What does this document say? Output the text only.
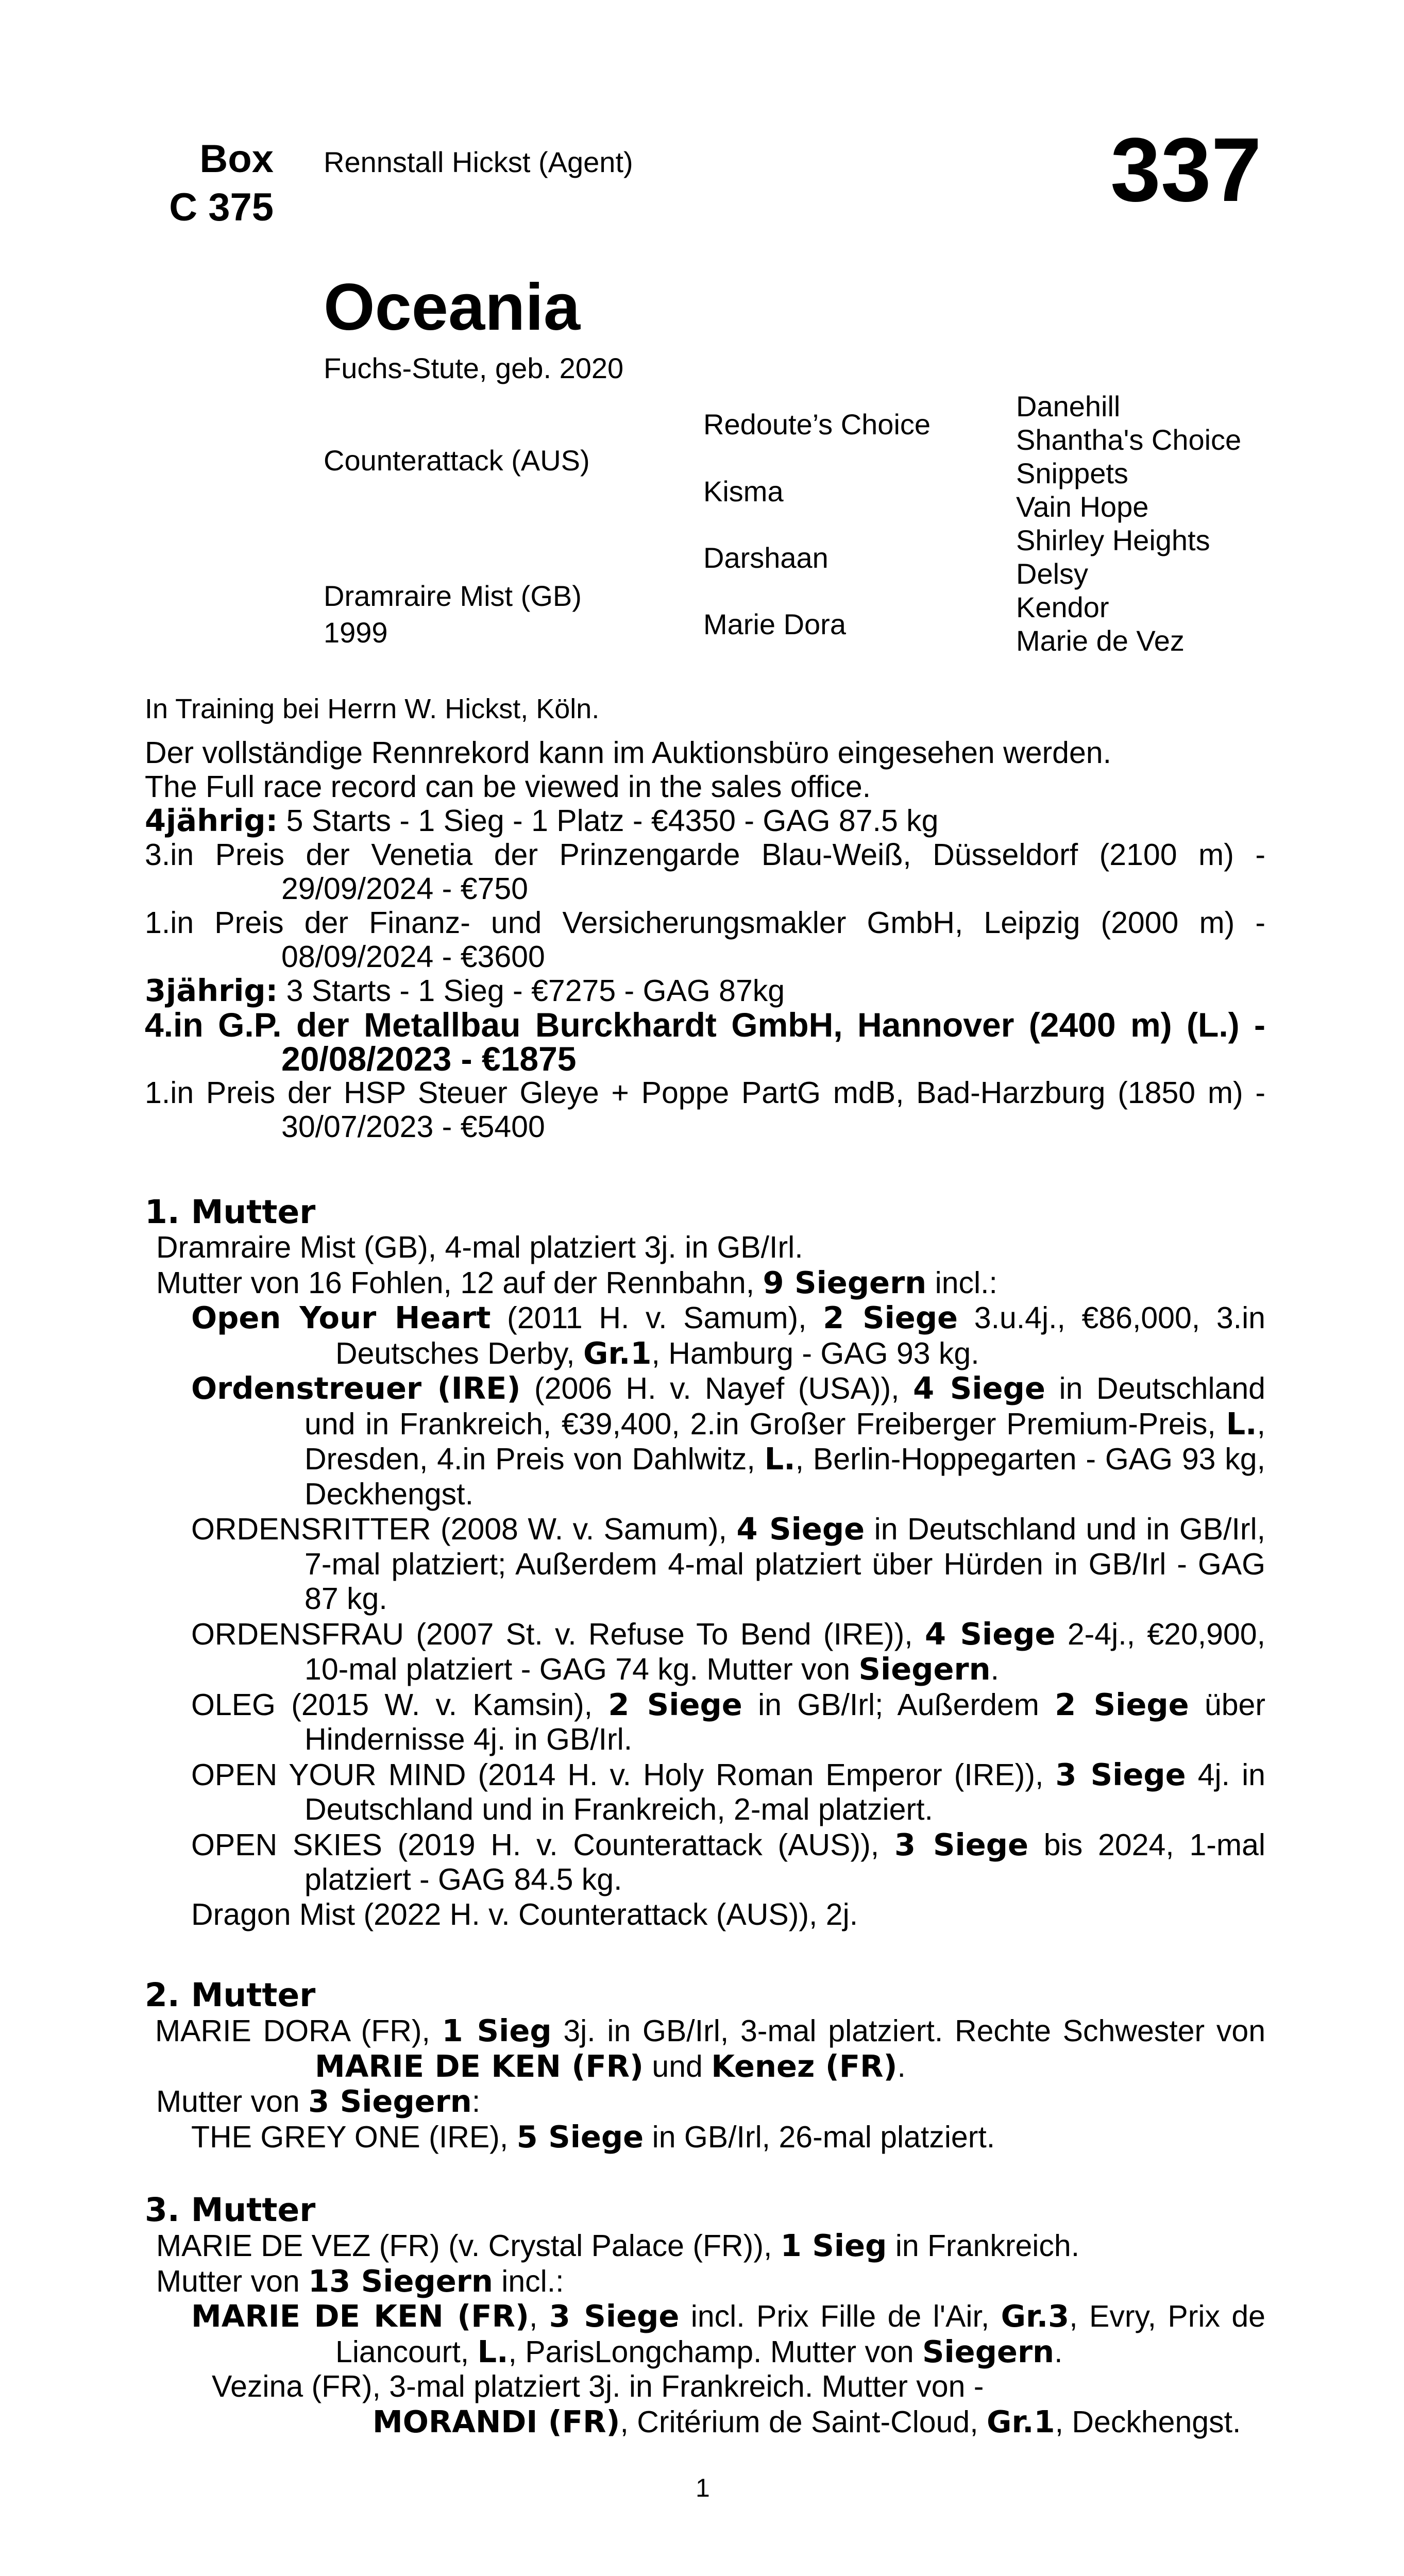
Box
C 375
Rennstall Hickst (Agent)	337
Oceania
Fuchs-Stute, geb. 2020
Counterattack (AUS)
Dramraire Mist (GB)
1999
Redoute’s Choice
Kisma
Darshaan
Marie Dora
Danehill
Shantha's Choice
Snippets
Vain Hope
Shirley Heights
Delsy
Kendor
Marie de Vez
In Training bei Herrn W. Hickst, Köln.

Der vollständige Rennrekord kann im Auktionsbüro eingesehen werden.

The Full race record can be viewed in the sales office.

4jährig: 5 Starts - 1 Sieg - 1 Platz - €4350 - GAG 87.5 kg

3.in Preis der Venetia der Prinzengarde Blau-Weiß, Düsseldorf (2100 m) - 29/09/2024 - €750

1.in Preis der Finanz- und Versicherungsmakler GmbH, Leipzig (2000 m) - 08/09/2024 - €3600

3jährig: 3 Starts - 1 Sieg - €7275 - GAG 87kg

4.in G.P. der Metallbau Burckhardt GmbH, Hannover (2400 m) (L.) - 20/08/2023 - €1875

1.in Preis der HSP Steuer Gleye + Poppe PartG mdB, Bad-Harzburg (1850 m) - 30/07/2023 - €5400

1. Mutter

Dramraire Mist (GB), 4-mal platziert 3j. in GB/Irl.

Mutter von 16 Fohlen, 12 auf der Rennbahn, 9 Siegern incl.:

Open Your Heart (2011 H. v. Samum), 2 Siege 3.u.4j., €86,000, 3.in Deutsches Derby, Gr.1, Hamburg - GAG 93 kg.

Ordenstreuer (IRE) (2006 H. v. Nayef (USA)), 4 Siege in Deutschland und in Frankreich, €39,400, 2.in Großer Freiberger Premium-Preis, L., Dresden, 4.in Preis von Dahlwitz, L., Berlin-Hoppegarten - GAG 93 kg, Deckhengst.

ORDENSRITTER (2008 W. v. Samum), 4 Siege in Deutschland und in GB/Irl, 7-mal platziert; Außerdem 4-mal platziert über Hürden in GB/Irl - GAG 87 kg.

ORDENSFRAU (2007 St. v. Refuse To Bend (IRE)), 4 Siege 2-4j., €20,900, 10-mal platziert - GAG 74 kg. Mutter von Siegern.

OLEG (2015 W. v. Kamsin), 2 Siege in GB/Irl; Außerdem 2 Siege über Hindernisse 4j. in GB/Irl.

OPEN YOUR MIND (2014 H. v. Holy Roman Emperor (IRE)), 3 Siege 4j. in Deutschland und in Frankreich, 2-mal platziert.

OPEN SKIES (2019 H. v. Counterattack (AUS)), 3 Siege bis 2024, 1-mal platziert - GAG 84.5 kg.

Dragon Mist (2022 H. v. Counterattack (AUS)), 2j.

2. Mutter

MARIE DORA (FR), 1 Sieg 3j. in GB/Irl, 3-mal platziert. Rechte Schwester von MARIE DE KEN (FR) und Kenez (FR).

Mutter von 3 Siegern:

THE GREY ONE (IRE), 5 Siege in GB/Irl, 26-mal platziert.

3. Mutter

MARIE DE VEZ (FR) (v. Crystal Palace (FR)), 1 Sieg in Frankreich.

Mutter von 13 Siegern incl.:

MARIE DE KEN (FR), 3 Siege incl. Prix Fille de l'Air, Gr.3, Evry, Prix de Liancourt, L., ParisLongchamp. Mutter von Siegern.

Vezina (FR), 3-mal platziert 3j. in Frankreich. Mutter von -
MORANDI (FR), Critérium de Saint-Cloud, Gr.1, Deckhengst.

1
